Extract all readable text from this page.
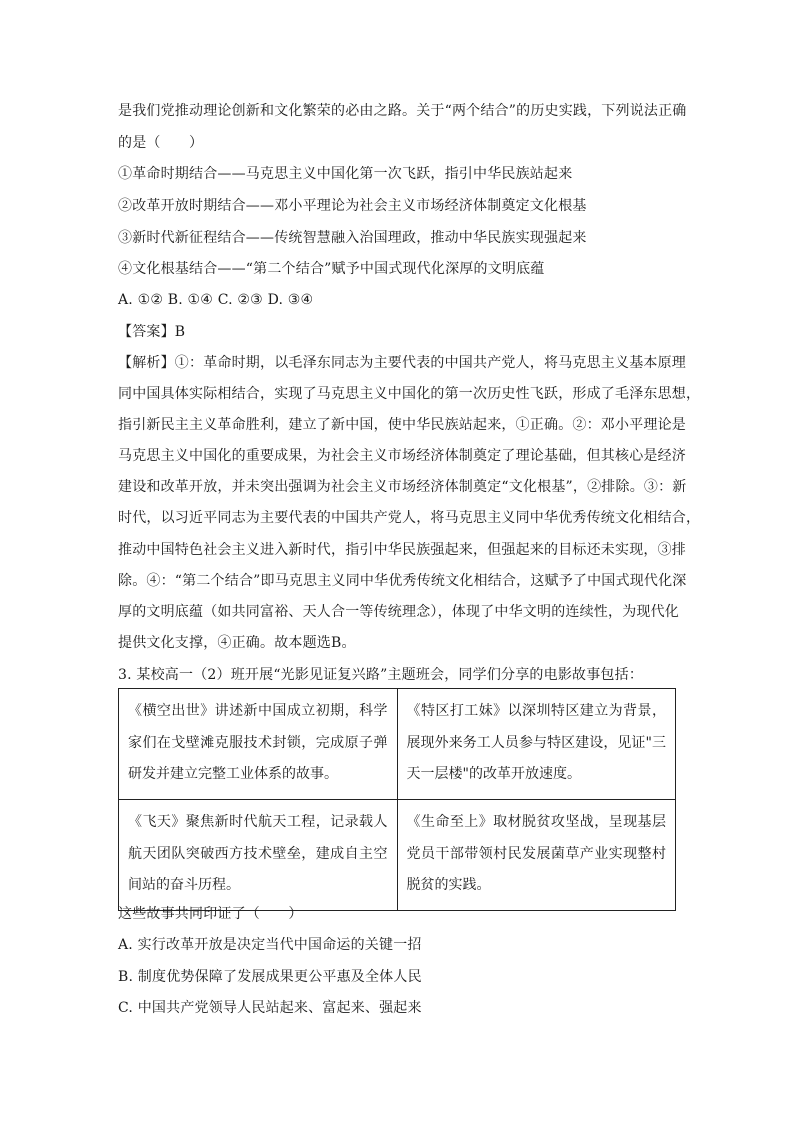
是我们党推动理论创新和文化繁荣的必由之路。关于“两个结合”的历史实践，下列说法正确
的是（　　）
①革命时期结合——马克思主义中国化第一次飞跃，指引中华民族站起来
②改革开放时期结合——邓小平理论为社会主义市场经济体制奠定文化根基
③新时代新征程结合——传统智慧融入治国理政，推动中华民族实现强起来
④文化根基结合——“第二个结合”赋予中国式现代化深厚的文明底蕴
A. ①② B. ①④ C. ②③ D. ③④
【答案】B
【解析】①：革命时期，以毛泽东同志为主要代表的中国共产党人，将马克思主义基本原理
同中国具体实际相结合，实现了马克思主义中国化的第一次历史性飞跃，形成了毛泽东思想，
指引新民主主义革命胜利，建立了新中国，使中华民族站起来，①正确。②：邓小平理论是
马克思主义中国化的重要成果，为社会主义市场经济体制奠定了理论基础，但其核心是经济
建设和改革开放，并未突出强调为社会主义市场经济体制奠定“文化根基”，②排除。③：新
时代，以习近平同志为主要代表的中国共产党人，将马克思主义同中华优秀传统文化相结合，
推动中国特色社会主义进入新时代，指引中华民族强起来，但强起来的目标还未实现，③排
除。④：“第二个结合”即马克思主义同中华优秀传统文化相结合，这赋予了中国式现代化深
厚的文明底蕴（如共同富裕、天人合一等传统理念），体现了中华文明的连续性，为现代化
提供文化支撑，④正确。故本题选B。
3. 某校高一（2）班开展“光影见证复兴路”主题班会，同学们分享的电影故事包括：
《横空出世》讲述新中国成立初期，科学家们在戈壁滩克服技术封锁，完成原子弹研发并建立完整工业体系的故事。	《特区打工妹》以深圳特区建立为背景，展现外来务工人员参与特区建设，见证"三天一层楼"的改革开放速度。
《飞天》聚焦新时代航天工程，记录载人航天团队突破西方技术壁垒，建成自主空间站的奋斗历程。	《生命至上》取材脱贫攻坚战，呈现基层党员干部带领村民发展菌草产业实现整村脱贫的实践。
这些故事共同印证了（　　）
A. 实行改革开放是决定当代中国命运的关键一招
B. 制度优势保障了发展成果更公平惠及全体人民
C. 中国共产党领导人民站起来、富起来、强起来
